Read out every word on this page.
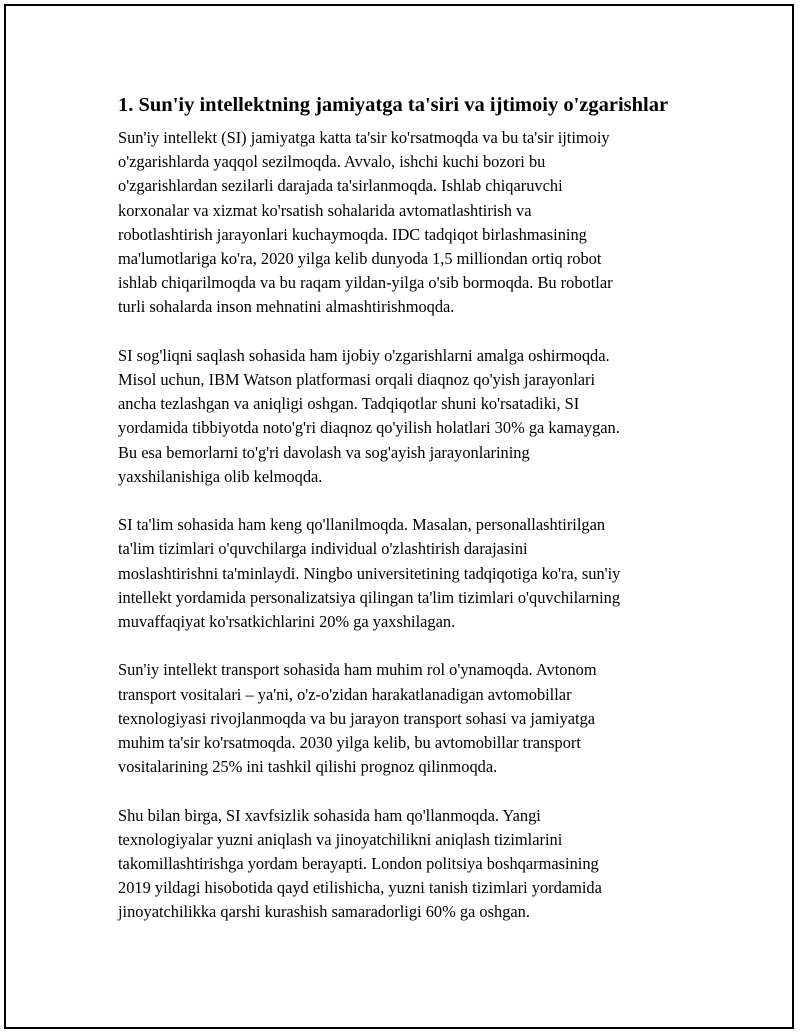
1. Sun'iy intellektning jamiyatga ta'siri va ijtimoiy o'zgarishlar

Sun'iy intellekt (SI) jamiyatga katta ta'sir ko'rsatmoqda va bu ta'sir ijtimoiy
o'zgarishlarda yaqqol sezilmoqda. Avvalo, ishchi kuchi bozori bu
o'zgarishlardan sezilarli darajada ta'sirlanmoqda. Ishlab chiqaruvchi
korxonalar va xizmat ko'rsatish sohalarida avtomatlashtirish va
robotlashtirish jarayonlari kuchaymoqda. IDC tadqiqot birlashmasining
ma'lumotlariga ko'ra, 2020 yilga kelib dunyoda 1,5 milliondan ortiq robot
ishlab chiqarilmoqda va bu raqam yildan-yilga o'sib bormoqda. Bu robotlar
turli sohalarda inson mehnatini almashtirishmoqda.

SI sog'liqni saqlash sohasida ham ijobiy o'zgarishlarni amalga oshirmoqda.
Misol uchun, IBM Watson platformasi orqali diaqnoz qo'yish jarayonlari
ancha tezlashgan va aniqligi oshgan. Tadqiqotlar shuni ko'rsatadiki, SI
yordamida tibbiyotda noto'g'ri diaqnoz qo'yilish holatlari 30% ga kamaygan.
Bu esa bemorlarni to'g'ri davolash va sog'ayish jarayonlarining
yaxshilanishiga olib kelmoqda.

SI ta'lim sohasida ham keng qo'llanilmoqda. Masalan, personallashtirilgan
ta'lim tizimlari o'quvchilarga individual o'zlashtirish darajasini
moslashtirishni ta'minlaydi. Ningbo universitetining tadqiqotiga ko'ra, sun'iy
intellekt yordamida personalizatsiya qilingan ta'lim tizimlari o'quvchilarning
muvaffaqiyat ko'rsatkichlarini 20% ga yaxshilagan.

Sun'iy intellekt transport sohasida ham muhim rol o'ynamoqda. Avtonom
transport vositalari – ya'ni, o'z-o'zidan harakatlanadigan avtomobillar
texnologiyasi rivojlanmoqda va bu jarayon transport sohasi va jamiyatga
muhim ta'sir ko'rsatmoqda. 2030 yilga kelib, bu avtomobillar transport
vositalarining 25% ini tashkil qilishi prognoz qilinmoqda.

Shu bilan birga, SI xavfsizlik sohasida ham qo'llanmoqda. Yangi
texnologiyalar yuzni aniqlash va jinoyatchilikni aniqlash tizimlarini
takomillashtirishga yordam berayapti. London politsiya boshqarmasining
2019 yildagi hisobotida qayd etilishicha, yuzni tanish tizimlari yordamida
jinoyatchilikka qarshi kurashish samaradorligi 60% ga oshgan.
